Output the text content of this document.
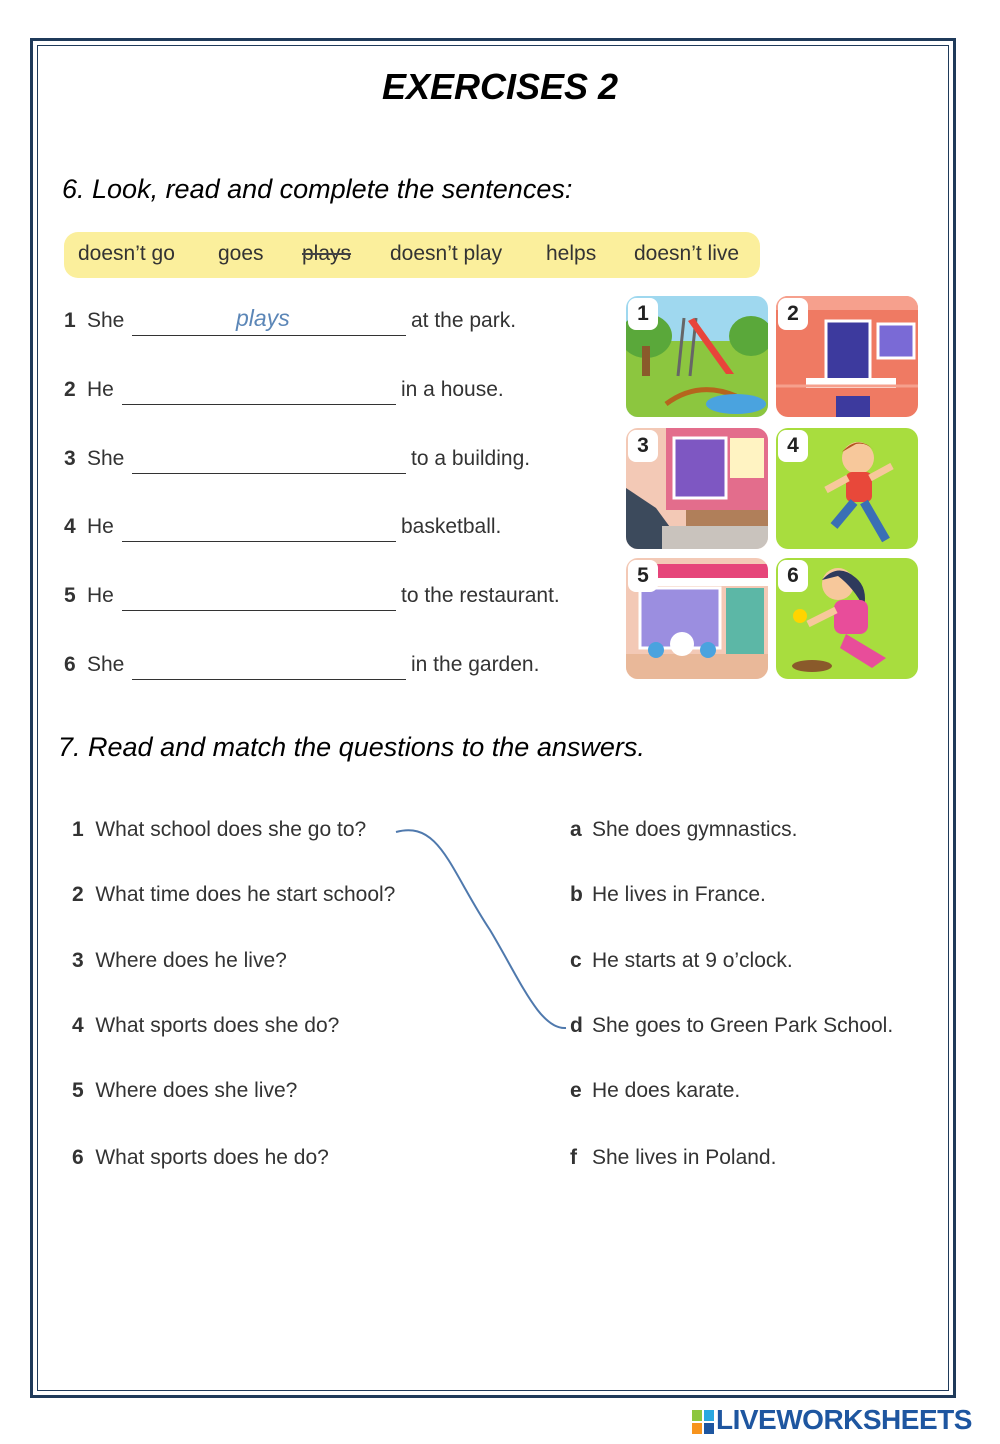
EXERCISES 2
6. Look, read and complete the sentences:
doesn’t go goes plays doesn’t play helps doesn’t live
1 She	plays	at the park.
2 He	in a house.
3 She	to a building.
4 He	basketball.
5 He	to the restaurant.
6 She	in the garden.
1	2
3	4
5	6
7. Read and match the questions to the answers.
1 What school does she go to?
2 What time does he start school?
3 Where does he live?
4 What sports does she do?
5 Where does she live?
6 What sports does he do?
a She does gymnastics.
b He lives in France.
c He starts at 9 o’clock.
d She goes to Green Park School.
e He does karate.
f She lives in Poland.
LIVEWORKSHEETS
